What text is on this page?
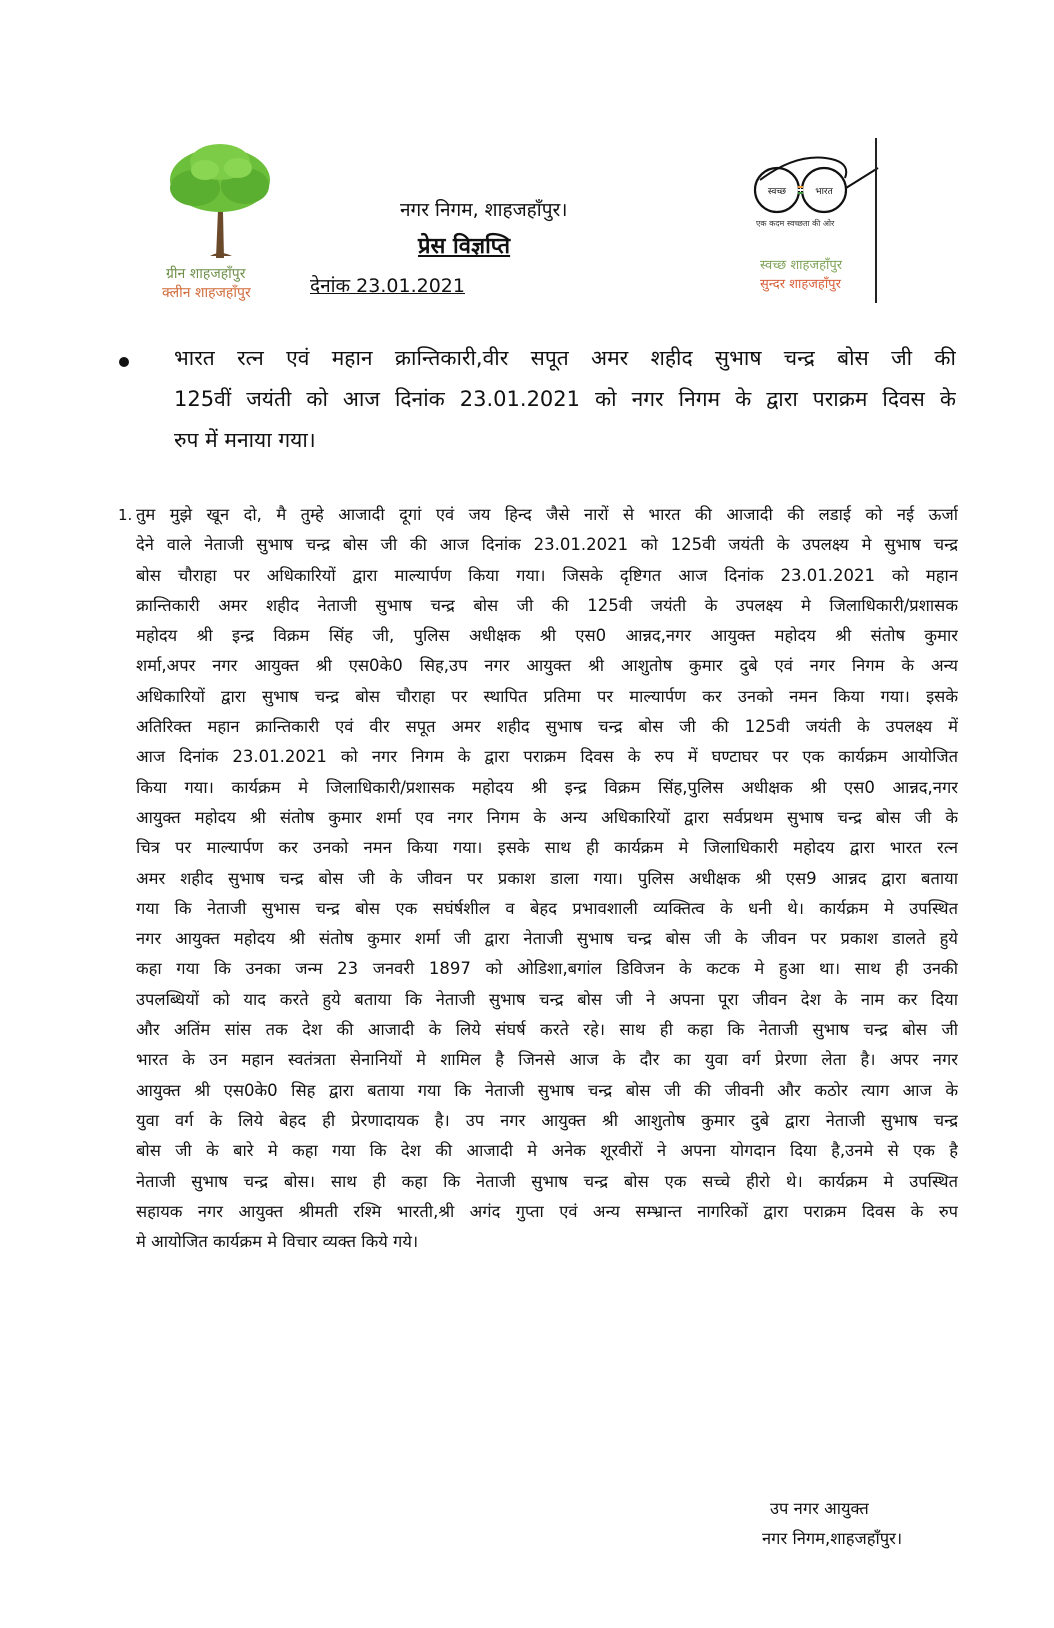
ग्रीन शाहजहाँपुर
क्लीन शाहजहाँपुर
नगर निगम, शाहजहाँपुर।
प्रेस विज्ञप्ति
देनांक 23.01.2021
स्वच्छ	भारत
एक कदम स्वच्छता की ओर
स्वच्छ शाहजहाँपुर
सुन्दर शाहजहाँपुर
भारत रत्न एवं महान क्रान्तिकारी,वीर सपूत अमर शहीद सुभाष चन्द्र बोस जी की
125वीं जयंती को आज दिनांक 23.01.2021 को नगर निगम के द्वारा पराक्रम दिवस के
रुप में मनाया गया।
1. तुम मुझे खून दो, मै तुम्हे आजादी दूगां एवं जय हिन्द जैसे नारों से भारत की आजादी की लडाई को नई ऊर्जा
देने वाले नेताजी सुभाष चन्द्र बोस जी की आज दिनांक 23.01.2021 को 125वी जयंती के उपलक्ष्य मे सुभाष चन्द्र
बोस चौराहा पर अधिकारियों द्वारा माल्यार्पण किया गया। जिसके दृष्टिगत आज दिनांक 23.01.2021 को महान
क्रान्तिकारी अमर शहीद नेताजी सुभाष चन्द्र बोस जी की 125वी जयंती के उपलक्ष्य मे जिलाधिकारी/प्रशासक
महोदय श्री इन्द्र विक्रम सिंह जी, पुलिस अधीक्षक श्री एस0 आन्नद,नगर आयुक्त महोदय श्री संतोष कुमार
शर्मा,अपर नगर आयुक्त श्री एस0के0 सिह,उप नगर आयुक्त श्री आशुतोष कुमार दुबे एवं नगर निगम के अन्य
अधिकारियों द्वारा सुभाष चन्द्र बोस चौराहा पर स्थापित प्रतिमा पर माल्यार्पण कर उनको नमन किया गया। इसके
अतिरिक्त महान क्रान्तिकारी एवं वीर सपूत अमर शहीद सुभाष चन्द्र बोस जी की 125वी जयंती के उपलक्ष्य में
आज दिनांक 23.01.2021 को नगर निगम के द्वारा पराक्रम दिवस के रुप में घण्टाघर पर एक कार्यक्रम आयोजित
किया गया। कार्यक्रम मे जिलाधिकारी/प्रशासक महोदय श्री इन्द्र विक्रम सिंह,पुलिस अधीक्षक श्री एस0 आन्नद,नगर
आयुक्त महोदय श्री संतोष कुमार शर्मा एव नगर निगम के अन्य अधिकारियों द्वारा सर्वप्रथम सुभाष चन्द्र बोस जी के
चित्र पर माल्यार्पण कर उनको नमन किया गया। इसके साथ ही कार्यक्रम मे जिलाधिकारी महोदय द्वारा भारत रत्न
अमर शहीद सुभाष चन्द्र बोस जी के जीवन पर प्रकाश डाला गया। पुलिस अधीक्षक श्री एस9 आन्नद द्वारा बताया
गया कि नेताजी सुभास चन्द्र बोस एक सघंर्षशील व बेहद प्रभावशाली व्यक्तित्व के धनी थे। कार्यक्रम मे उपस्थित
नगर आयुक्त महोदय श्री संतोष कुमार शर्मा जी द्वारा नेताजी सुभाष चन्द्र बोस जी के जीवन पर प्रकाश डालते हुये
कहा गया कि उनका जन्म 23 जनवरी 1897 को ओडिशा,बगांल डिविजन के कटक मे हुआ था। साथ ही उनकी
उपलब्धियों को याद करते हुये बताया कि नेताजी सुभाष चन्द्र बोस जी ने अपना पूरा जीवन देश के नाम कर दिया
और अतिंम सांस तक देश की आजादी के लिये संघर्ष करते रहे। साथ ही कहा कि नेताजी सुभाष चन्द्र बोस जी
भारत के उन महान स्वतंत्रता सेनानियों मे शामिल है जिनसे आज के दौर का युवा वर्ग प्रेरणा लेता है। अपर नगर
आयुक्त श्री एस0के0 सिह द्वारा बताया गया कि नेताजी सुभाष चन्द्र बोस जी की जीवनी और कठोर त्याग आज के
युवा वर्ग के लिये बेहद ही प्रेरणादायक है। उप नगर आयुक्त श्री आशुतोष कुमार दुबे द्वारा नेताजी सुभाष चन्द्र
बोस जी के बारे मे कहा गया कि देश की आजादी मे अनेक शूरवीरों ने अपना योगदान दिया है,उनमे से एक है
नेताजी सुभाष चन्द्र बोस। साथ ही कहा कि नेताजी सुभाष चन्द्र बोस एक सच्चे हीरो थे। कार्यक्रम मे उपस्थित
सहायक नगर आयुक्त श्रीमती रश्मि भारती,श्री अगंद गुप्ता एवं अन्य सम्भ्रान्त नागरिकों द्वारा पराक्रम दिवस के रुप
मे आयोजित कार्यक्रम मे विचार व्यक्त किये गये।
उप नगर आयुक्त
नगर निगम,शाहजहाँपुर।
